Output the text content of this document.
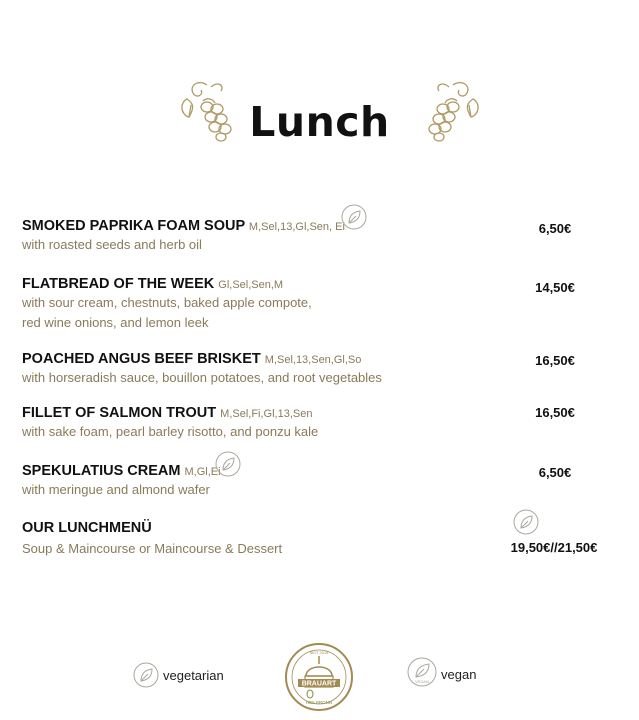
Lunch
SMOKED PAPRIKA FOAM SOUP M,Sel,13,Gl,Sen, Ei
with roasted seeds and herb oil
6,50€
FLATBREAD OF THE WEEK Gl,Sel,Sen,M
with sour cream, chestnuts, baked apple compote,
red wine onions, and lemon leek
14,50€
POACHED ANGUS BEEF BRISKET M,Sel,13,Sen,Gl,So
with horseradish sauce, bouillon potatoes, and root vegetables
16,50€
FILLET OF SALMON TROUT M,Sel,Fi,Gl,13,Sen
with sake foam, pearl barley risotto, and ponzu kale
16,50€
SPEKULATIUS CREAM M,Gl,Ei
with meringue and almond wafer
6,50€
OUR LUNCHMENÜ
Soup & Maincourse or Maincourse & Dessert	19,50€//21,50€
vegetarian	VEGAN vegan
BRAUART
SEIT 2019
HEILBRONN
